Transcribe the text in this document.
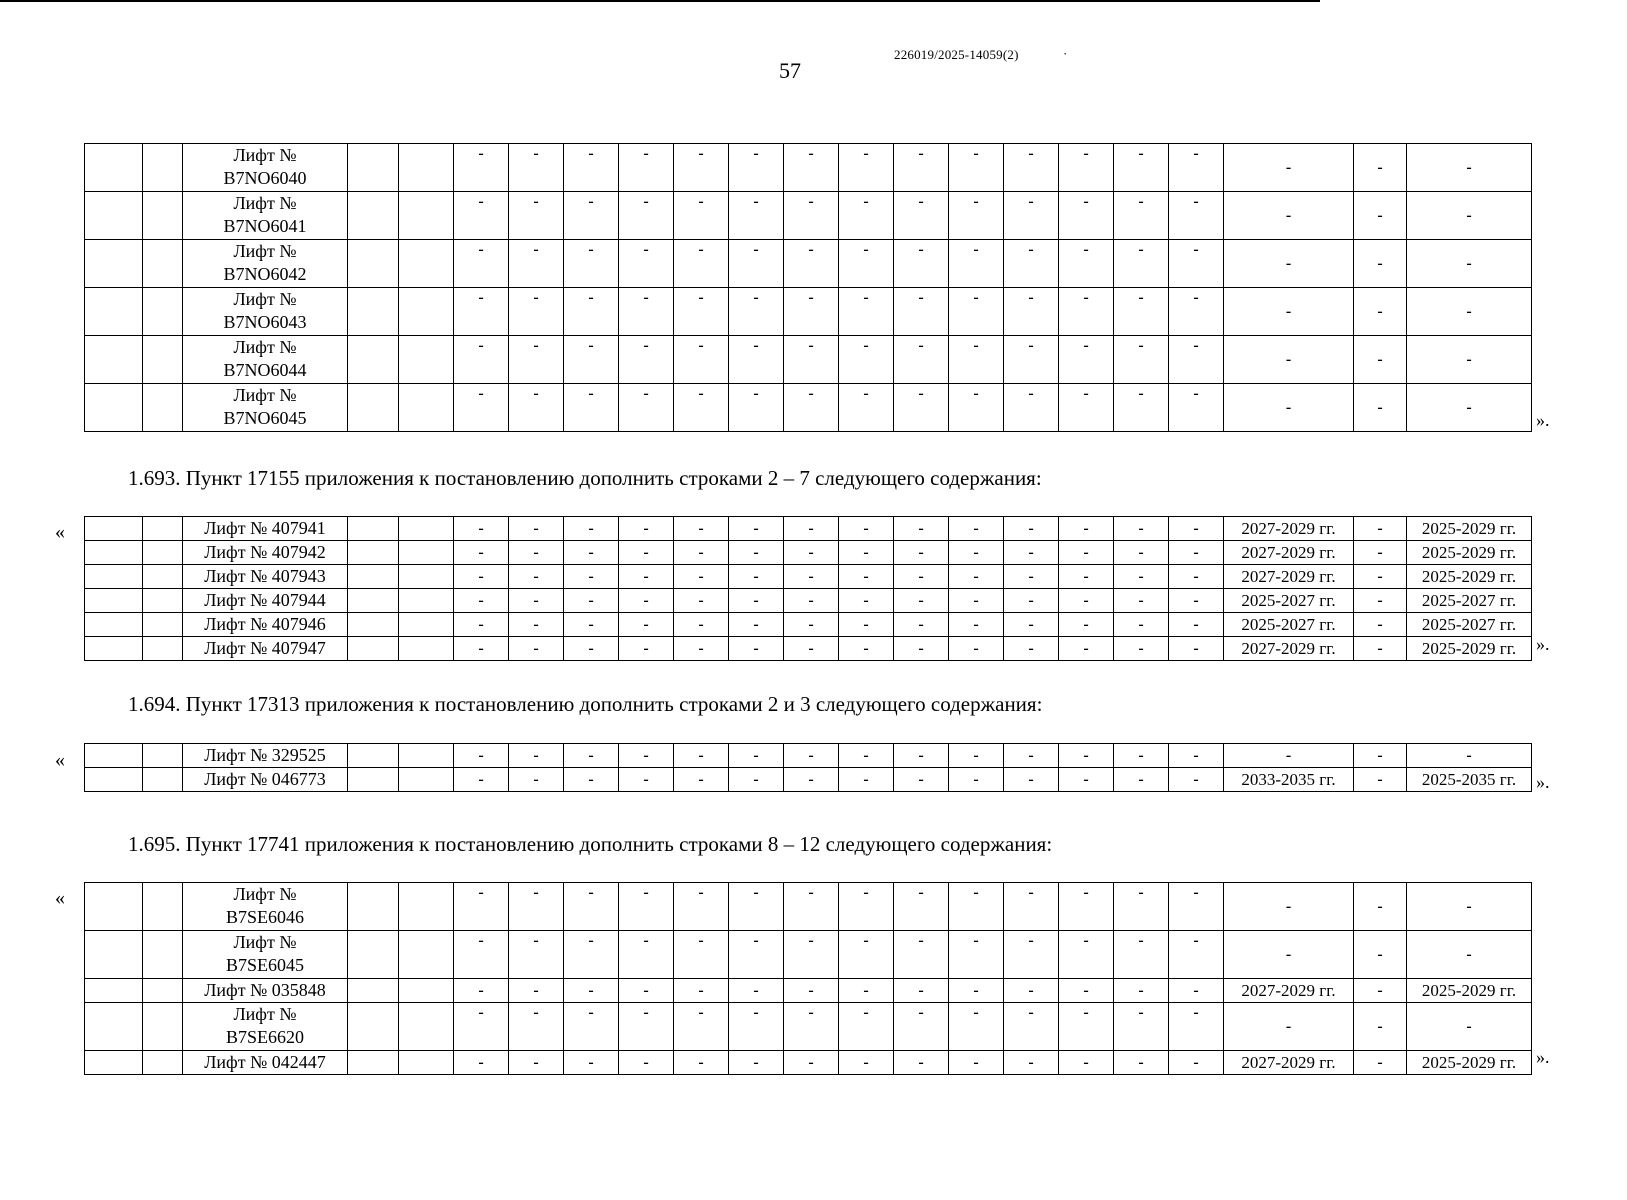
57
226019/2025-14059(2)	·

		Лифт № B7NO6040			-	-	-	-	-	-	-	-	-	-	-	-	-	-	-	-	-

		Лифт № B7NO6041			-	-	-	-	-	-	-	-	-	-	-	-	-	-	-	-	-

		Лифт № B7NO6042			-	-	-	-	-	-	-	-	-	-	-	-	-	-	-	-	-

		Лифт № B7NO6043			-	-	-	-	-	-	-	-	-	-	-	-	-	-	-	-	-

		Лифт № B7NO6044			-	-	-	-	-	-	-	-	-	-	-	-	-	-	-	-	-

		Лифт № B7NO6045			-	-	-	-	-	-	-	-	-	-	-	-	-	-	-	-	-
».
1.693. Пункт 17155 приложения к постановлению дополнить строками 2 – 7 следующего содержания:
«
			Лифт № 407941			-	-	-	-	-	-	-	-	-	-	-	-	-	-	2027-2029 гг.	-	2025-2029 гг.
		Лифт № 407942			-	-	-	-	-	-	-	-	-	-	-	-	-	-	2027-2029 гг.	-	2025-2029 гг.
		Лифт № 407943			-	-	-	-	-	-	-	-	-	-	-	-	-	-	2027-2029 гг.	-	2025-2029 гг.
		Лифт № 407944			-	-	-	-	-	-	-	-	-	-	-	-	-	-	2025-2027 гг.	-	2025-2027 гг.
		Лифт № 407946			-	-	-	-	-	-	-	-	-	-	-	-	-	-	2025-2027 гг.	-	2025-2027 гг.
		Лифт № 407947			-	-	-	-	-	-	-	-	-	-	-	-	-	-	2027-2029 гг.	-	2025-2029 гг. ».
1.694. Пункт 17313 приложения к постановлению дополнить строками 2 и 3 следующего содержания:
«
			Лифт № 329525			-	-	-	-	-	-	-	-	-	-	-	-	-	-	-	-	-
		Лифт № 046773			-	-	-	-	-	-	-	-	-	-	-	-	-	-	2033-2035 гг.	-	2025-2035 гг. ».
1.695. Пункт 17741 приложения к постановлению дополнить строками 8 – 12 следующего содержания:
«

		Лифт № B7SE6046			-	-	-	-	-	-	-	-	-	-	-	-	-	-	-	-	-

		Лифт № B7SE6045			-	-	-	-	-	-	-	-	-	-	-	-	-	-	-	-	-
		Лифт № 035848			-	-	-	-	-	-	-	-	-	-	-	-	-	-	2027-2029 гг.	-	2025-2029 гг.

		Лифт № B7SE6620			-	-	-	-	-	-	-	-	-	-	-	-	-	-	-	-	-
		Лифт № 042447			-	-	-	-	-	-	-	-	-	-	-	-	-	-	2027-2029 гг.	-	2025-2029 гг. ».
